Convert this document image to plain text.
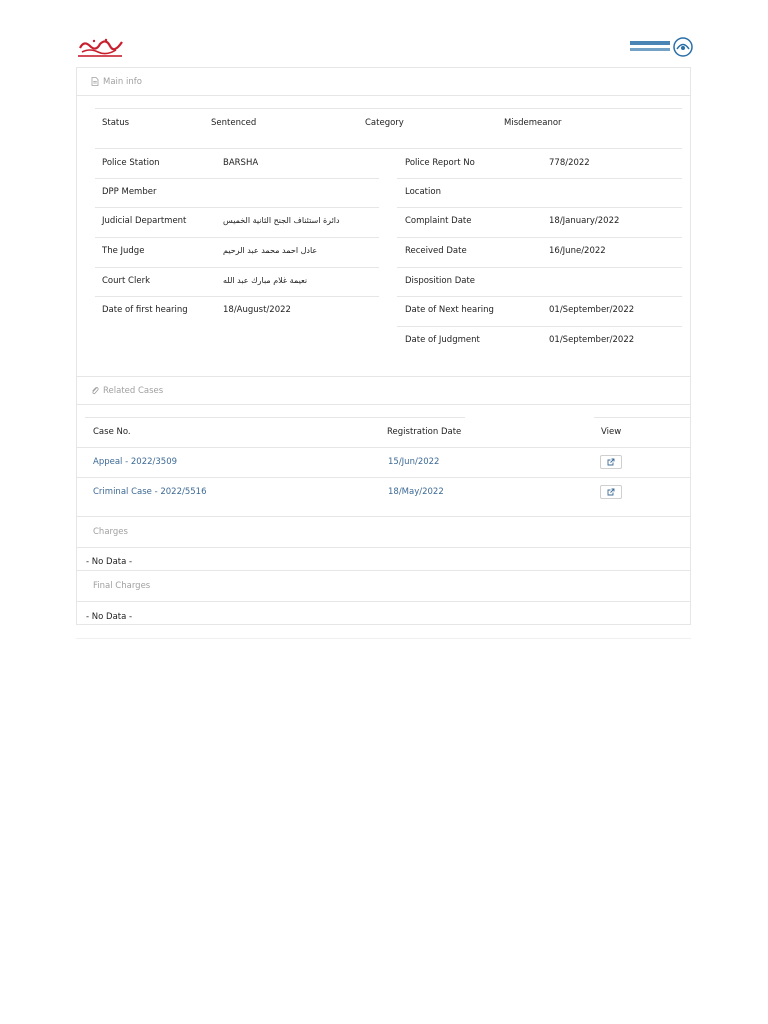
Main info
Status	Sentenced	Category	Misdemeanor
Police Station	BARSHA
DPP Member
Judicial Department	دائرة استئناف الجنح الثانية الخميس
The Judge	عادل احمد محمد عبد الرحيم
Court Clerk	نعيمة غلام مبارك عبد الله
Date of first hearing	18/August/2022
Police Report No	778/2022
Location
Complaint Date	18/January/2022
Received Date	16/June/2022
Disposition Date
Date of Next hearing	01/September/2022
Date of Judgment	01/September/2022
Related Cases
Case No.	Registration Date	View
Appeal - 2022/3509	15/Jun/2022
Criminal Case - 2022/5516	18/May/2022
Charges
- No Data -
Final Charges
- No Data -
